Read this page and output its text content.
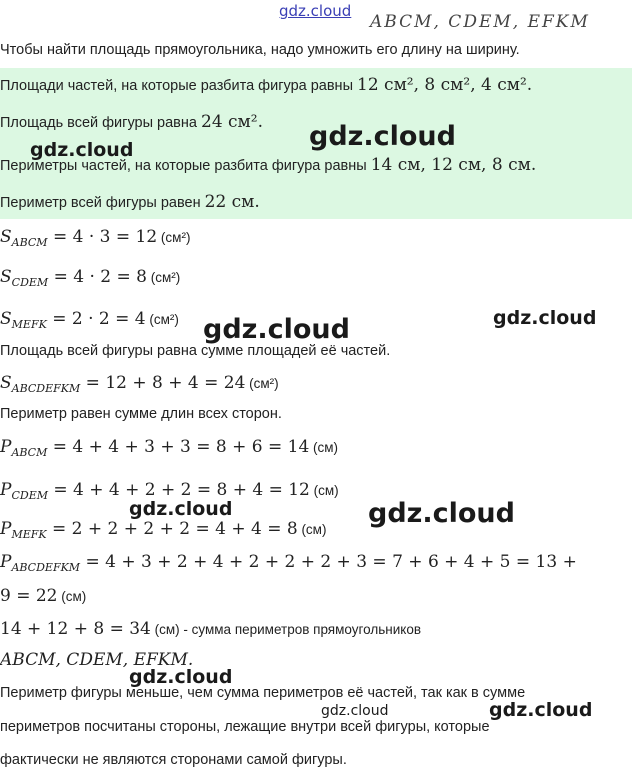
gdz.cloud
ABCM, CDEM, EFKM
Чтобы найти площадь прямоугольника, надо умножить его длину на ширину.
Площади частей, на которые разбита фигура равны 12 см², 8 см², 4 см².
Площадь всей фигуры равна 24 см².
Периметры частей, на которые разбита фигура равны 14 см, 12 см, 8 см.
Периметр всей фигуры равен 22 см.
$S_{ABCM} = 4 \cdot 3 = 12$ (см²)
$S_{CDEM} = 4 \cdot 2 = 8$ (см²)
$S_{MEFK} = 2 \cdot 2 = 4$ (см²)
Площадь всей фигуры равна сумме площадей её частей.
$S_{ABCDEFKM} = 12 + 8 + 4 = 24$ (см²)
Периметр равен сумме длин всех сторон.
$P_{ABCM} = 4 + 4 + 3 + 3 = 8 + 6 = 14$ (см)
$P_{CDEM} = 4 + 4 + 2 + 2 = 8 + 4 = 12$ (см)
$P_{MEFK} = 2 + 2 + 2 + 2 = 4 + 4 = 8$ (см)
$P_{ABCDEFKM} = 4 + 3 + 2 + 4 + 2 + 2 + 2 + 3 = 7 + 6 + 4 + 5 = 13$ +
9 = 22 (см)
14 + 12 + 8 = 34 (см) - сумма периметров прямоугольников
ABCM, CDEM, EFKM.
Периметр фигуры меньше, чем сумма периметров её частей, так как в сумме
периметров посчитаны стороны, лежащие внутри всей фигуры, которые
фактически не являются сторонами самой фигуры.
gdz.cloud
gdz.cloud
gdz.cloud	gdz.cloud
gdz.cloud	gdz.cloud
gdz.cloud
gdz.cloud	gdz.cloud
